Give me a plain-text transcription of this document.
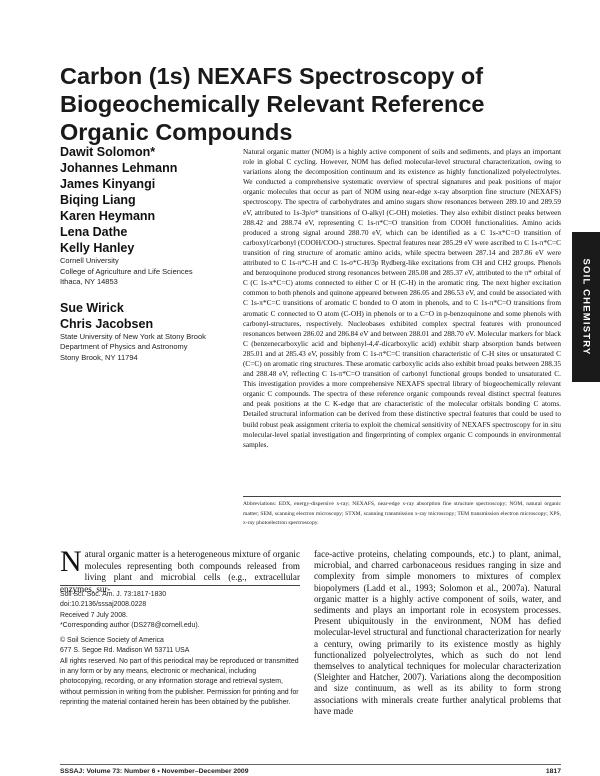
Carbon (1s) NEXAFS Spectroscopy of Biogeochemically Relevant Reference Organic Compounds
Dawit Solomon*
Johannes Lehmann
James Kinyangi
Biqing Liang
Karen Heymann
Lena Dathe
Kelly Hanley
Cornell University
College of Agriculture and Life Sciences
Ithaca, NY 14853
Sue Wirick
Chris Jacobsen
State University of New York at Stony Brook
Department of Physics and Astronomy
Stony Brook, NY 11794

Natural organic matter (NOM) is a highly active component of soils and sediments, and plays an important role in global C cycling. However, NOM has defied molecular-level structural characterization, owing to variations along the decomposition continuum and its existence as highly functionalized polyelectrolytes. We conducted a comprehensive systematic overview of spectral signatures and peak positions of major organic molecules that occur as part of NOM using near-edge x-ray absorption fine structure (NEXAFS) spectroscopy. The spectra of carbohydrates and amino sugars show resonances between 289.10 and 289.59 eV, attributed to 1s-3p/σ* transitions of O-alkyl (C-OH) moieties. They also exhibit distinct peaks between 288.42 and 288.74 eV, representing C 1s-π*C=O transition from COOH functionalities. Amino acids produced a strong signal around 288.70 eV, which can be identified as a C 1s-π*C=O transition of carboxyl/carbonyl (COOH/COO-) structures. Spectral features near 285.29 eV were ascribed to C 1s-π*C=C transition of ring structure of aromatic amino acids, while spectra between 287.14 and 287.86 eV were attributed to C 1s-π*C-H and C 1s-σ*C-H/3p Rydberg-like excitations from CH and CH2 groups. Phenols and benzoquinone produced strong resonances between 285.08 and 285.37 eV, attributed to the π* orbital of C (C 1s-π*C=C) atoms connected to either C or H (C-H) in the aromatic ring. The next higher excitation common to both phenols and quinone appeared between 286.05 and 286.53 eV, and could be associated with C 1s-π*C=C transitions of aromatic C bonded to O atom in phenols, and to C 1s-π*C=O transitions from aromatic C connected to O atom (C-OH) in phenols or to a C=O in p-benzoquinone and some phenols with carbonyl-structures, respectively. Nucleobases exhibited complex spectral features with pronounced resonances between 286.02 and 286.84 eV and between 288.01 and 288.70 eV. Molecular markers for black C (benzenecarboxylic acid and biphenyl-4,4'-dicarboxylic acid) exhibit sharp absorption bands between 285.01 and at 285.43 eV, possibly from C 1s-π*C=C transition characteristic of C-H sites or unsaturated C (C=C) on aromatic ring structures. These aromatic carboxylic acids also exhibit broad peaks between 288.35 and 288.48 eV, reflecting C 1s-π*C=O transition of carbonyl functional groups bonded to unsaturated C. This investigation provides a more comprehensive NEXAFS spectral library of biogeochemically relevant organic C compounds. The spectra of these reference organic compounds reveal distinct spectral features and peak positions at the C K-edge that are characteristic of the molecular orbitals bonding C atoms. Detailed structural information can be derived from these distinctive spectral features that could be used to build robust peak assignment criteria to exploit the chemical sensitivity of NEXAFS spectroscopy for in situ molecular-level spatial investigation and fingerprinting of complex organic C compounds in environmental samples.

SOIL CHEMISTRY

Abbreviations: EDX, energy-dispersive x-ray; NEXAFS, near-edge x-ray absorption fine structure spectroscopy; NOM, natural organic matter; SEM, scanning electron microscopy; STXM, scanning transmission x-ray microscopy; TEM transmission electron microscopy; XPS, x-ray photoelectron spectroscopy.

Natural organic matter is a heterogeneous mixture of organic molecules representing both compounds released from living plant and microbial cells (e.g., extracellular enzymes, sur-

Soil Sci. Soc. Am. J. 73:1817-1830
doi:10.2136/sssaj2008.0228
Received 7 July 2008.
*Corresponding author (DS278@cornell.edu).
© Soil Science Society of America
677 S. Segoe Rd. Madison WI 53711 USA
All rights reserved. No part of this periodical may be reproduced or transmitted in any form or by any means, electronic or mechanical, including photocopying, recording, or any information storage and retrieval system, without permission in writing from the publisher. Permission for printing and for reprinting the material contained herein has been obtained by the publisher.

face-active proteins, chelating compounds, etc.) to plant, animal, microbial, and charred carbonaceous residues ranging in size and complexity from simple monomers to mixtures of complex biopolymers (Ladd et al., 1993; Solomon et al., 2007a). Natural organic matter is a highly active component of soils, water, and sediments and plays an important role in ecosystem processes. Present ubiquitously in the environment, NOM has defied molecular-level structural and functional characterization for nearly a century, owing primarily to its existence mostly as highly functionalized polyelectrolytes, which as such do not lend themselves to analytical techniques for molecular characterization (Sleighter and Hatcher, 2007). Variations along the decomposition and size continuum, as well as its ability to form strong associations with minerals create further analytical problems that have made

SSSAJ: Volume 73: Number 6 • November–December 2009	1817
